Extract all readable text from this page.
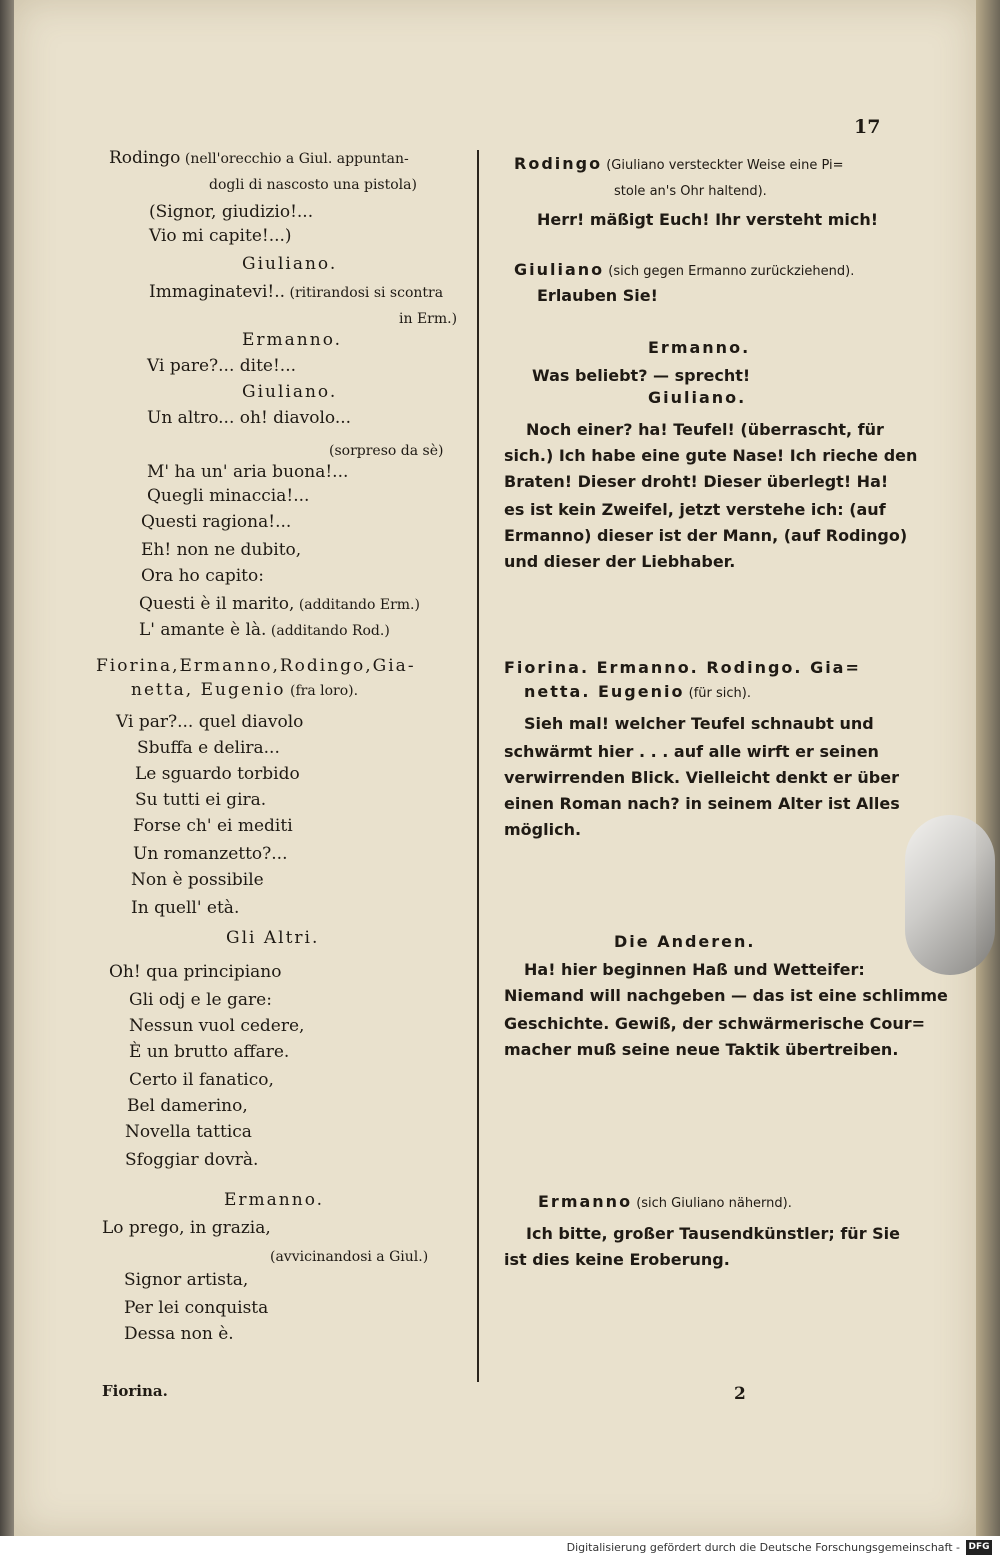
17
Rodingo (nell'orecchio a Giul. appuntan-
dogli di nascosto una pistola)
(Signor, giudizio!...
Vio mi capite!...)
Giuliano.
Immaginatevi!.. (ritirandosi si scontra
in Erm.)
Ermanno.
Vi pare?... dite!...
Giuliano.
Un altro... oh! diavolo...
(sorpreso da sè)
M' ha un' aria buona!...
Quegli minaccia!...
Questi ragiona!...
Eh! non ne dubito,
Ora ho capito:
Questi è il marito, (additando Erm.)
L' amante è là. (additando Rod.)
Fiorina,Ermanno,Rodingo,Gia-
netta, Eugenio (fra loro).
Vi par?... quel diavolo
Sbuffa e delira...
Le sguardo torbido
Su tutti ei gira.
Forse ch' ei mediti
Un romanzetto?...
Non è possibile
In quell' età.
Gli Altri.
Oh! qua principiano
Gli odj e le gare:
Nessun vuol cedere,
È un brutto affare.
Certo il fanatico,
Bel damerino,
Novella tattica
Sfoggiar dovrà.
Ermanno.
Lo prego, in grazia,
(avvicinandosi a Giul.)
Signor artista,
Per lei conquista
Dessa non è.
Rodingo (Giuliano versteckter Weise eine Pi=
stole an's Ohr haltend).
Herr! mäßigt Euch! Ihr versteht mich!
Giuliano (sich gegen Ermanno zurückziehend).
Erlauben Sie!
Ermanno.
Was beliebt? — sprecht!
Giuliano.
Noch einer? ha! Teufel! (überrascht, für
sich.) Ich habe eine gute Nase! Ich rieche den
Braten! Dieser droht! Dieser überlegt! Ha!
es ist kein Zweifel, jetzt verstehe ich: (auf
Ermanno) dieser ist der Mann, (auf Rodingo)
und dieser der Liebhaber.
Fiorina. Ermanno. Rodingo. Gia=
netta. Eugenio (für sich).
Sieh mal! welcher Teufel schnaubt und
schwärmt hier . . . auf alle wirft er seinen
verwirrenden Blick. Vielleicht denkt er über
einen Roman nach? in seinem Alter ist Alles
möglich.
Die Anderen.
Ha! hier beginnen Haß und Wetteifer:
Niemand will nachgeben — das ist eine schlimme
Geschichte. Gewiß, der schwärmerische Cour=
macher muß seine neue Taktik übertreiben.
Ermanno (sich Giuliano nähernd).
Ich bitte, großer Tausendkünstler; für Sie
ist dies keine Eroberung.
Fiorina.	2
Digitalisierung gefördert durch die Deutsche Forschungsgemeinschaft - DFG
